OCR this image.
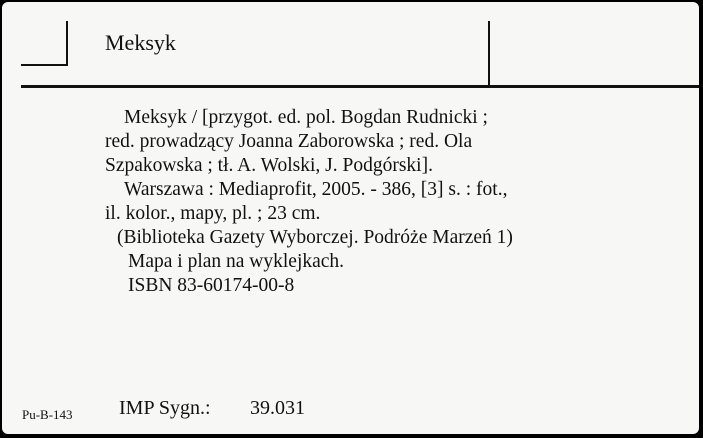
Meksyk
Meksyk / [przygot. ed. pol. Bogdan Rudnicki ;
red. prowadzący Joanna Zaborowska ; red. Ola
Szpakowska ; tł. A. Wolski, J. Podgórski].
Warszawa : Mediaprofit, 2005. - 386, [3] s. : fot.,
il. kolor., mapy, pl. ; 23 cm.
(Biblioteka Gazety Wyborczej. Podróże Marzeń 1)
Mapa i plan na wyklejkach.
ISBN 83-60174-00-8
Pu-B-143 IMP Sygn.: 39.031
